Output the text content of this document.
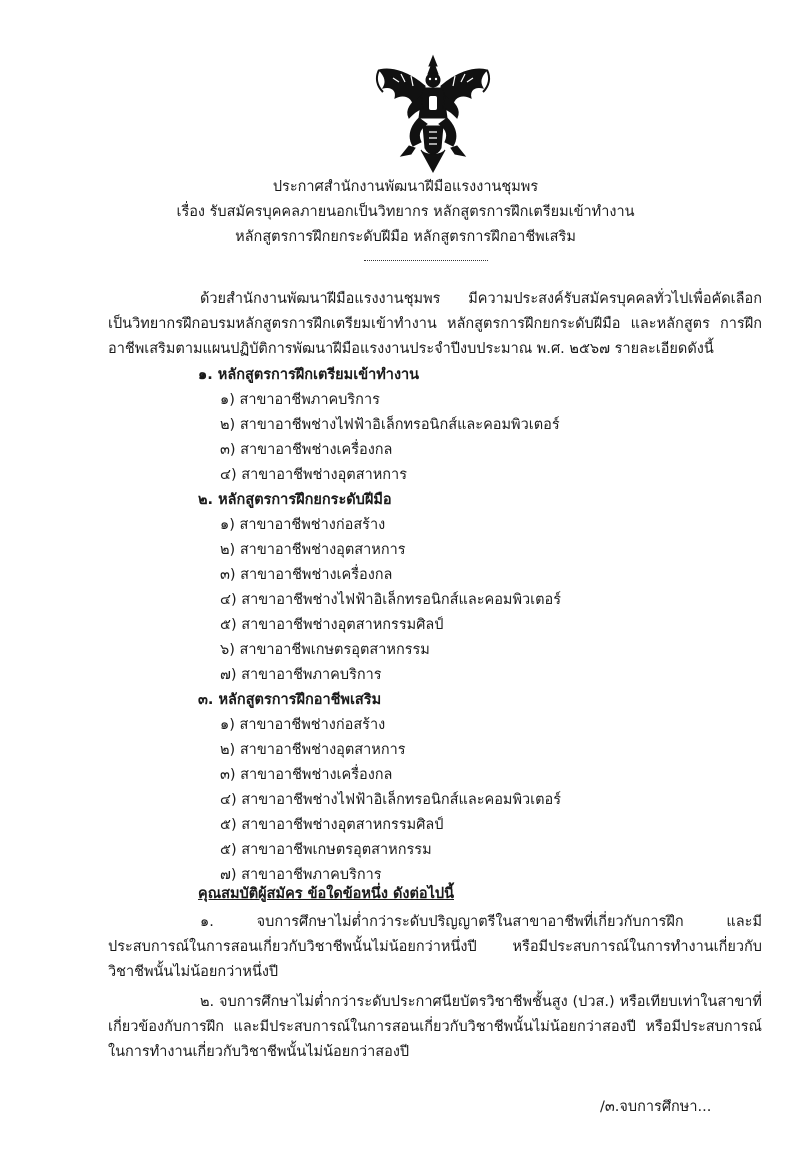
ประกาศสำนักงานพัฒนาฝีมือแรงงานชุมพร
เรื่อง รับสมัครบุคคลภายนอกเป็นวิทยากร หลักสูตรการฝึกเตรียมเข้าทำงาน
หลักสูตรการฝึกยกระดับฝีมือ หลักสูตรการฝึกอาชีพเสริม
ด้วยสำนักงานพัฒนาฝีมือแรงงานชุมพร มีความประสงค์รับสมัครบุคคลทั่วไปเพื่อคัดเลือกเป็นวิทยากรฝึกอบรมหลักสูตรการฝึกเตรียมเข้าทำงาน หลักสูตรการฝึกยกระดับฝีมือ และหลักสูตร การฝึกอาชีพเสริมตามแผนปฏิบัติการพัฒนาฝีมือแรงงานประจำปีงบประมาณ พ.ศ. ๒๕๖๗ รายละเอียดดังนี้
๑. หลักสูตรการฝึกเตรียมเข้าทำงาน
๑) สาขาอาชีพภาคบริการ
๒) สาขาอาชีพช่างไฟฟ้าอิเล็กทรอนิกส์และคอมพิวเตอร์
๓) สาขาอาชีพช่างเครื่องกล
๔) สาขาอาชีพช่างอุตสาหการ
๒. หลักสูตรการฝึกยกระดับฝีมือ
๑) สาขาอาชีพช่างก่อสร้าง
๒) สาขาอาชีพช่างอุตสาหการ
๓) สาขาอาชีพช่างเครื่องกล
๔) สาขาอาชีพช่างไฟฟ้าอิเล็กทรอนิกส์และคอมพิวเตอร์
๕) สาขาอาชีพช่างอุตสาหกรรมศิลป์
๖) สาขาอาชีพเกษตรอุตสาหกรรม
๗) สาขาอาชีพภาคบริการ
๓. หลักสูตรการฝึกอาชีพเสริม
๑) สาขาอาชีพช่างก่อสร้าง
๒) สาขาอาชีพช่างอุตสาหการ
๓) สาขาอาชีพช่างเครื่องกล
๔) สาขาอาชีพช่างไฟฟ้าอิเล็กทรอนิกส์และคอมพิวเตอร์
๕) สาขาอาชีพช่างอุตสาหกรรมศิลป์
๕) สาขาอาชีพเกษตรอุตสาหกรรม
๗) สาขาอาชีพภาคบริการ
คุณสมบัติผู้สมัคร ข้อใดข้อหนึ่ง ดังต่อไปนี้
๑. จบการศึกษาไม่ต่ำกว่าระดับปริญญาตรีในสาขาอาชีพที่เกี่ยวกับการฝึก และมีประสบการณ์ในการสอนเกี่ยวกับวิชาชีพนั้นไม่น้อยกว่าหนึ่งปี หรือมีประสบการณ์ในการทำงานเกี่ยวกับวิชาชีพนั้นไม่น้อยกว่าหนึ่งปี
๒. จบการศึกษาไม่ต่ำกว่าระดับประกาศนียบัตรวิชาชีพชั้นสูง (ปวส.) หรือเทียบเท่าในสาขาที่เกี่ยวข้องกับการฝึก และมีประสบการณ์ในการสอนเกี่ยวกับวิชาชีพนั้นไม่น้อยกว่าสองปี หรือมีประสบการณ์ในการทำงานเกี่ยวกับวิชาชีพนั้นไม่น้อยกว่าสองปี
/๓.จบการศึกษา...
